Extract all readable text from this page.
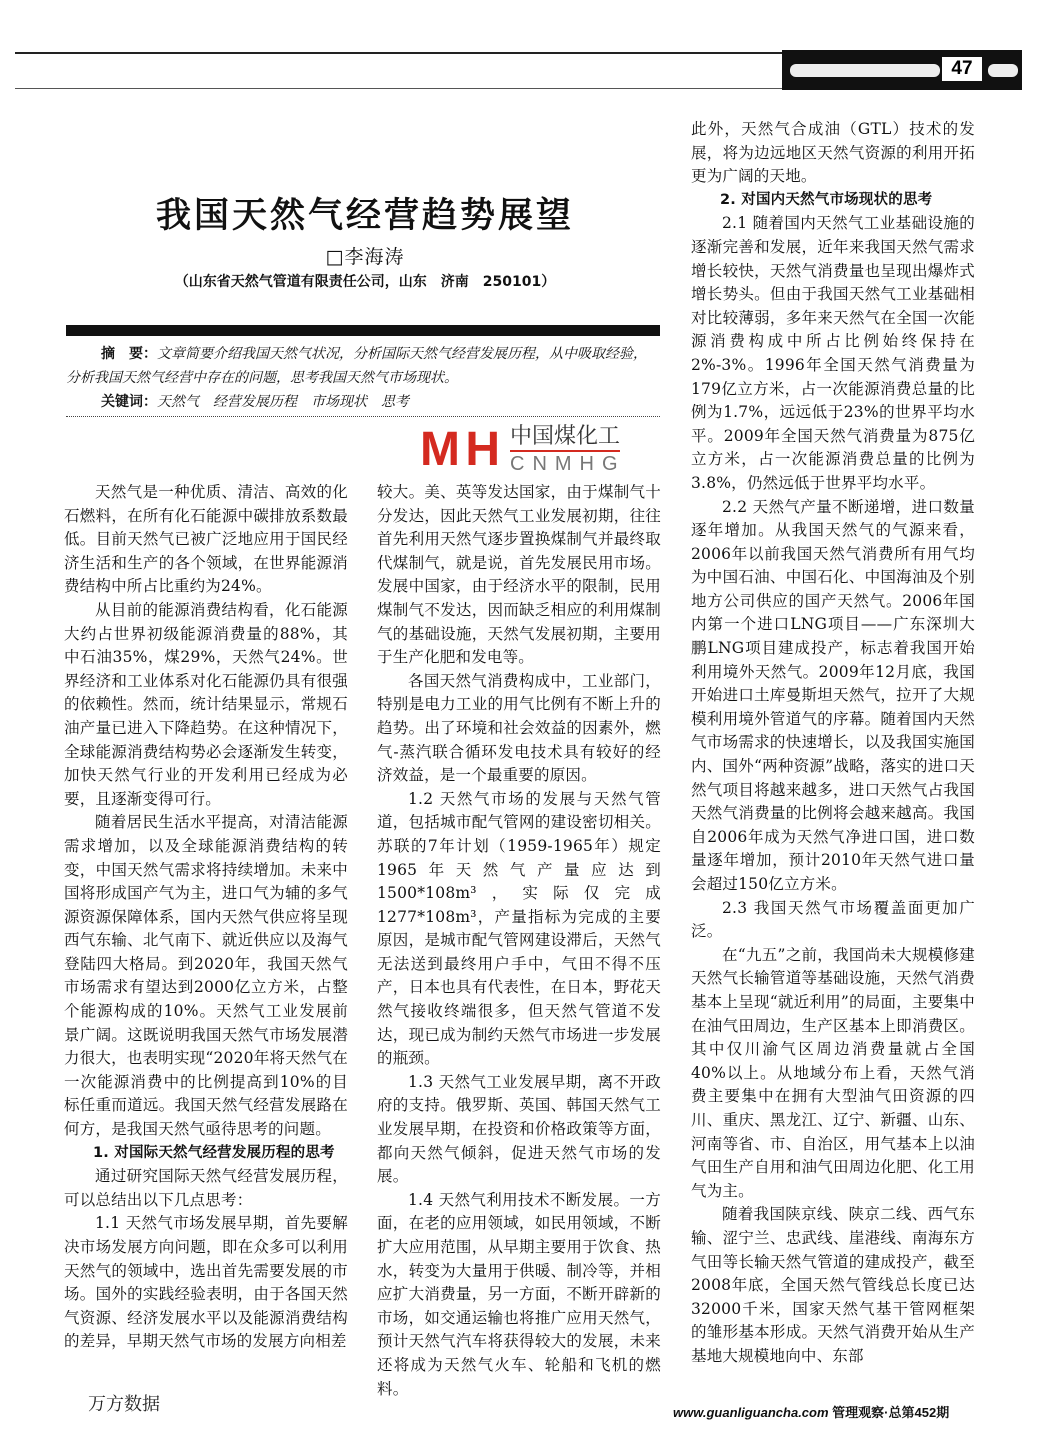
47
我国天然气经营趋势展望
□李海涛
（山东省天然气管道有限责任公司，山东　济南　250101）

摘　要：文章简要介绍我国天然气状况，分析国际天然气经营发展历程，从中吸取经验，分析我国天然气经营中存在的问题，思考我国天然气市场现状。

关键词：天然气　经营发展历程　市场现状　思考

M H 中国煤化工
CNMHG

天然气是一种优质、清洁、高效的化石燃料，在所有化石能源中碳排放系数最低。目前天然气已被广泛地应用于国民经济生活和生产的各个领域，在世界能源消费结构中所占比重约为24%。

从目前的能源消费结构看，化石能源大约占世界初级能源消费量的88%，其中石油35%，煤29%，天然气24%。世界经济和工业体系对化石能源仍具有很强的依赖性。然而，统计结果显示，常规石油产量已进入下降趋势。在这种情况下，全球能源消费结构势必会逐渐发生转变，加快天然气行业的开发利用已经成为必要，且逐渐变得可行。

随着居民生活水平提高，对清洁能源需求增加，以及全球能源消费结构的转变，中国天然气需求将持续增加。未来中国将形成国产气为主，进口气为辅的多气源资源保障体系，国内天然气供应将呈现西气东输、北气南下、就近供应以及海气登陆四大格局。到2020年，我国天然气市场需求有望达到2000亿立方米，占整个能源构成的10%。天然气工业发展前景广阔。这既说明我国天然气市场发展潜力很大，也表明实现“2020年将天然气在一次能源消费中的比例提高到10%的目标任重而道远。我国天然气经营发展路在何方，是我国天然气亟待思考的问题。

1. 对国际天然气经营发展历程的思考

通过研究国际天然气经营发展历程，可以总结出以下几点思考：

1.1 天然气市场发展早期，首先要解决市场发展方向问题，即在众多可以利用天然气的领域中，选出首先需要发展的市场。国外的实践经验表明，由于各国天然气资源、经济发展水平以及能源消费结构的差异，早期天然气市场的发展方向相差

较大。美、英等发达国家，由于煤制气十分发达，因此天然气工业发展初期，往往首先利用天然气逐步置换煤制气并最终取代煤制气，就是说，首先发展民用市场。发展中国家，由于经济水平的限制，民用煤制气不发达，因而缺乏相应的利用煤制气的基础设施，天然气发展初期，主要用于生产化肥和发电等。

各国天然气消费构成中，工业部门，特别是电力工业的用气比例有不断上升的趋势。出了环境和社会效益的因素外，燃气-蒸汽联合循环发电技术具有较好的经济效益，是一个最重要的原因。

1.2 天然气市场的发展与天然气管道，包括城市配气管网的建设密切相关。苏联的7年计划（1959-1965年）规定1965年天然气产量应达到1500*108m³，实际仅完成1277*108m³，产量指标为完成的主要原因，是城市配气管网建设滞后，天然气无法送到最终用户手中，气田不得不压产，日本也具有代表性，在日本，野花天然气接收终端很多，但天然气管道不发达，现已成为制约天然气市场进一步发展的瓶颈。

1.3 天然气工业发展早期，离不开政府的支持。俄罗斯、英国、韩国天然气工业发展早期，在投资和价格政策等方面，都向天然气倾斜，促进天然气市场的发展。

1.4 天然气利用技术不断发展。一方面，在老的应用领域，如民用领域，不断扩大应用范围，从早期主要用于饮食、热水，转变为大量用于供暖、制冷等，并相应扩大消费量，另一方面，不断开辟新的市场，如交通运输也将推广应用天然气，预计天然气汽车将获得较大的发展，未来还将成为天然气火车、轮船和飞机的燃料。

此外，天然气合成油（GTL）技术的发展，将为边远地区天然气资源的利用开拓更为广阔的天地。

2. 对国内天然气市场现状的思考

2.1 随着国内天然气工业基础设施的逐渐完善和发展，近年来我国天然气需求增长较快，天然气消费量也呈现出爆炸式增长势头。但由于我国天然气工业基础相对比较薄弱，多年来天然气在全国一次能源消费构成中所占比例始终保持在2%-3%。1996年全国天然气消费量为179亿立方米，占一次能源消费总量的比例为1.7%，远远低于23%的世界平均水平。2009年全国天然气消费量为875亿立方米，占一次能源消费总量的比例为3.8%，仍然远低于世界平均水平。

2.2 天然气产量不断递增，进口数量逐年增加。从我国天然气的气源来看，2006年以前我国天然气消费所有用气均为中国石油、中国石化、中国海油及个别地方公司供应的国产天然气。2006年国内第一个进口LNG项目——广东深圳大鹏LNG项目建成投产，标志着我国开始利用境外天然气。2009年12月底，我国开始进口土库曼斯坦天然气，拉开了大规模利用境外管道气的序幕。随着国内天然气市场需求的快速增长，以及我国实施国内、国外“两种资源”战略，落实的进口天然气项目将越来越多，进口天然气占我国天然气消费量的比例将会越来越高。我国自2006年成为天然气净进口国，进口数量逐年增加，预计2010年天然气进口量会超过150亿立方米。

2.3 我国天然气市场覆盖面更加广泛。

在“九五”之前，我国尚未大规模修建天然气长输管道等基础设施，天然气消费基本上呈现“就近利用”的局面，主要集中在油气田周边，生产区基本上即消费区。其中仅川渝气区周边消费量就占全国40%以上。从地域分布上看，天然气消费主要集中在拥有大型油气田资源的四川、重庆、黑龙江、辽宁、新疆、山东、河南等省、市、自治区，用气基本上以油气田生产自用和油气田周边化肥、化工用气为主。

随着我国陕京线、陕京二线、西气东输、涩宁兰、忠武线、崖港线、南海东方气田等长输天然气管道的建成投产，截至2008年底，全国天然气管线总长度已达32000千米，国家天然气基干管网框架的雏形基本形成。天然气消费开始从生产基地大规模地向中、东部

万方数据	www.guanliguancha.com 管理观察·总第452期
